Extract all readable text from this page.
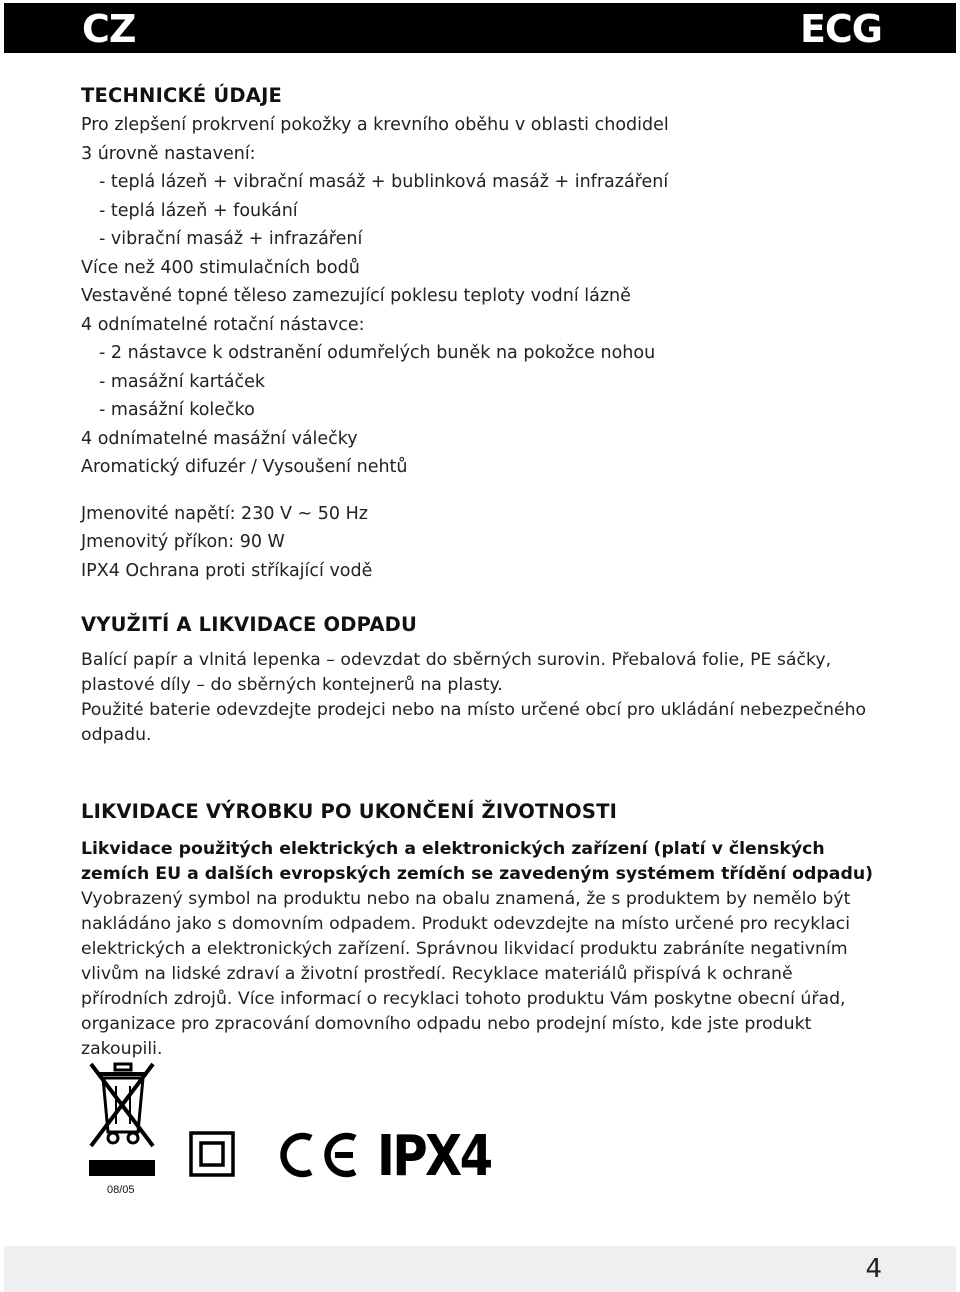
CZ	ECG
TECHNICKÉ ÚDAJE
Pro zlepšení prokrvení pokožky a krevního oběhu v oblasti chodidel
3 úrovně nastavení:
- teplá lázeň + vibrační masáž + bublinková masáž + infrazáření
- teplá lázeň + foukání
- vibrační masáž + infrazáření
Více než 400 stimulačních bodů
Vestavěné topné těleso zamezující poklesu teploty vodní lázně
4 odnímatelné rotační nástavce:
- 2 nástavce k odstranění odumřelých buněk na pokožce nohou
- masážní kartáček
- masážní kolečko
4 odnímatelné masážní válečky
Aromatický difuzér / Vysoušení nehtů
Jmenovité napětí: 230 V ~ 50 Hz
Jmenovitý příkon: 90 W
IPX4 Ochrana proti stříkající vodě
VYUŽITÍ A LIKVIDACE ODPADU

Balící papír a vlnitá lepenka – odevzdat do sběrných surovin. Přebalová folie, PE sáčky, plastové díly – do sběrných kontejnerů na plasty.

Použité baterie odevzdejte prodejci nebo na místo určené obcí pro ukládání nebezpečného odpadu.

LIKVIDACE VÝROBKU PO UKONČENÍ ŽIVOTNOSTI

Likvidace použitých elektrických a elektronických zařízení (platí v členských zemích EU a dalších evropských zemích se zavedeným systémem třídění odpadu)

Vyobrazený symbol na produktu nebo na obalu znamená, že s produktem by nemělo být nakládáno jako s domovním odpadem. Produkt odevzdejte na místo určené pro recyklaci elektrických a elektronických zařízení. Správnou likvidací produktu zabráníte negativním vlivům na lidské zdraví a životní prostředí. Recyklace materiálů přispívá k ochraně přírodních zdrojů. Více informací o recyklaci tohoto produktu Vám poskytne obecní úřad, organizace pro zpracování domovního odpadu nebo prodejní místo, kde jste produkt zakoupili.

08/05
IPX4
4
